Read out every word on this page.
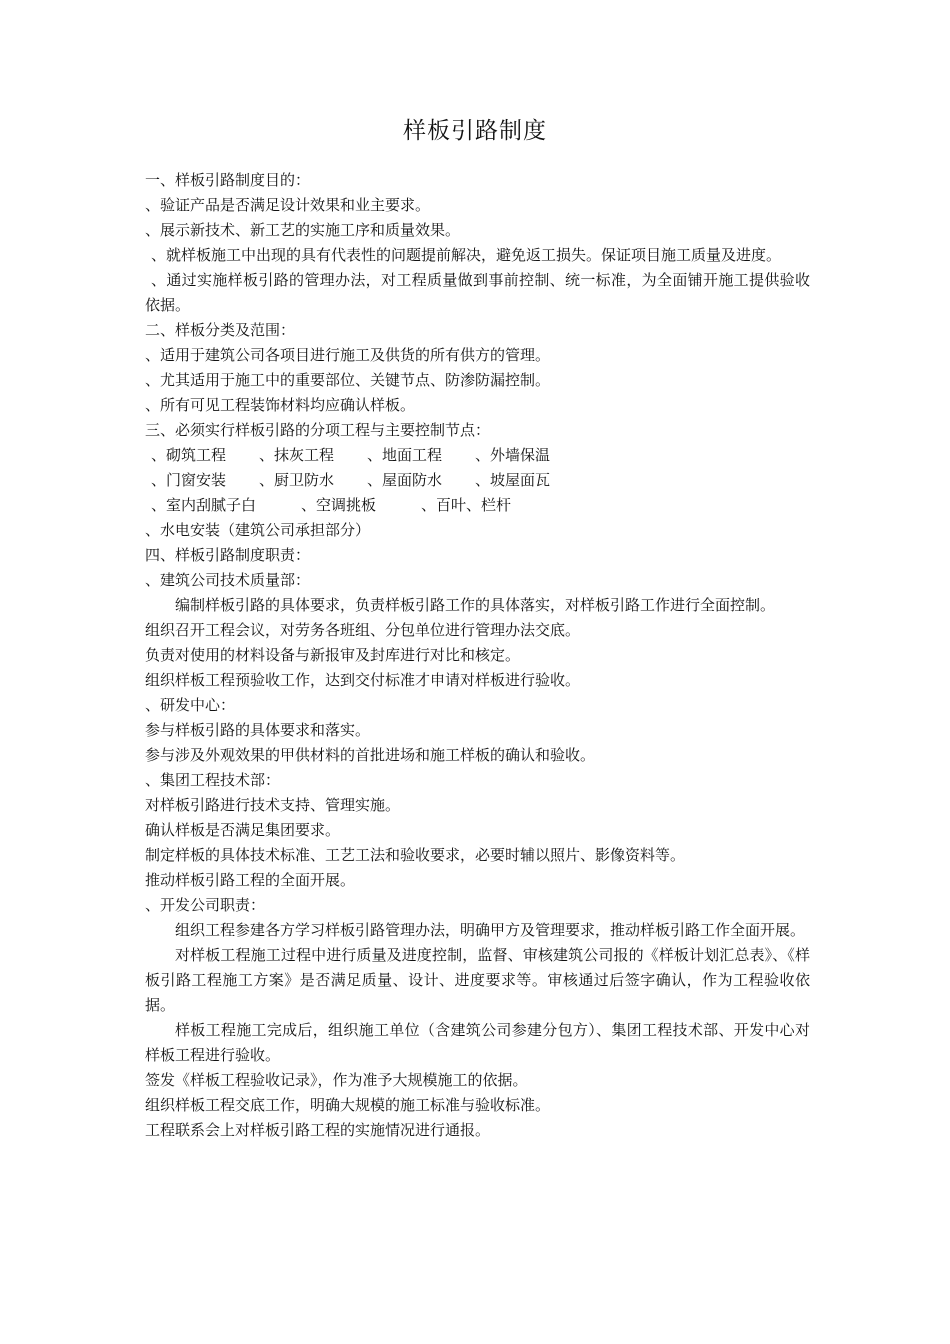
样板引路制度

一、样板引路制度目的：

、验证产品是否满足设计效果和业主要求。

、展示新技术、新工艺的实施工序和质量效果。

、就样板施工中出现的具有代表性的问题提前解决，避免返工损失。保证项目施工质量及进度。

、通过实施样板引路的管理办法，对工程质量做到事前控制、统一标准，为全面铺开施工提供验收依据。

二、样板分类及范围：

、适用于建筑公司各项目进行施工及供货的所有供方的管理。

、尤其适用于施工中的重要部位、关键节点、防渗防漏控制。

、所有可见工程装饰材料均应确认样板。

三、必须实行样板引路的分项工程与主要控制节点：

、砌筑工程	、抹灰工程	、地面工程	、外墙保温
、门窗安装	、厨卫防水	、屋面防水	、坡屋面瓦
、室内刮腻子白	、空调挑板	、百叶、栏杆

、水电安装（建筑公司承担部分）

四、样板引路制度职责：

、建筑公司技术质量部：

编制样板引路的具体要求，负责样板引路工作的具体落实，对样板引路工作进行全面控制。

组织召开工程会议，对劳务各班组、分包单位进行管理办法交底。

负责对使用的材料设备与新报审及封库进行对比和核定。

组织样板工程预验收工作，达到交付标准才申请对样板进行验收。

、研发中心：

参与样板引路的具体要求和落实。

参与涉及外观效果的甲供材料的首批进场和施工样板的确认和验收。

、集团工程技术部：

对样板引路进行技术支持、管理实施。

确认样板是否满足集团要求。

制定样板的具体技术标准、工艺工法和验收要求，必要时辅以照片、影像资料等。

推动样板引路工程的全面开展。

、开发公司职责：

组织工程参建各方学习样板引路管理办法，明确甲方及管理要求，推动样板引路工作全面开展。

对样板工程施工过程中进行质量及进度控制，监督、审核建筑公司报的《样板计划汇总表》、《样板引路工程施工方案》是否满足质量、设计、进度要求等。审核通过后签字确认，作为工程验收依据。

样板工程施工完成后，组织施工单位（含建筑公司参建分包方）、集团工程技术部、开发中心对样板工程进行验收。

签发《样板工程验收记录》，作为准予大规模施工的依据。

组织样板工程交底工作，明确大规模的施工标准与验收标准。

工程联系会上对样板引路工程的实施情况进行通报。
